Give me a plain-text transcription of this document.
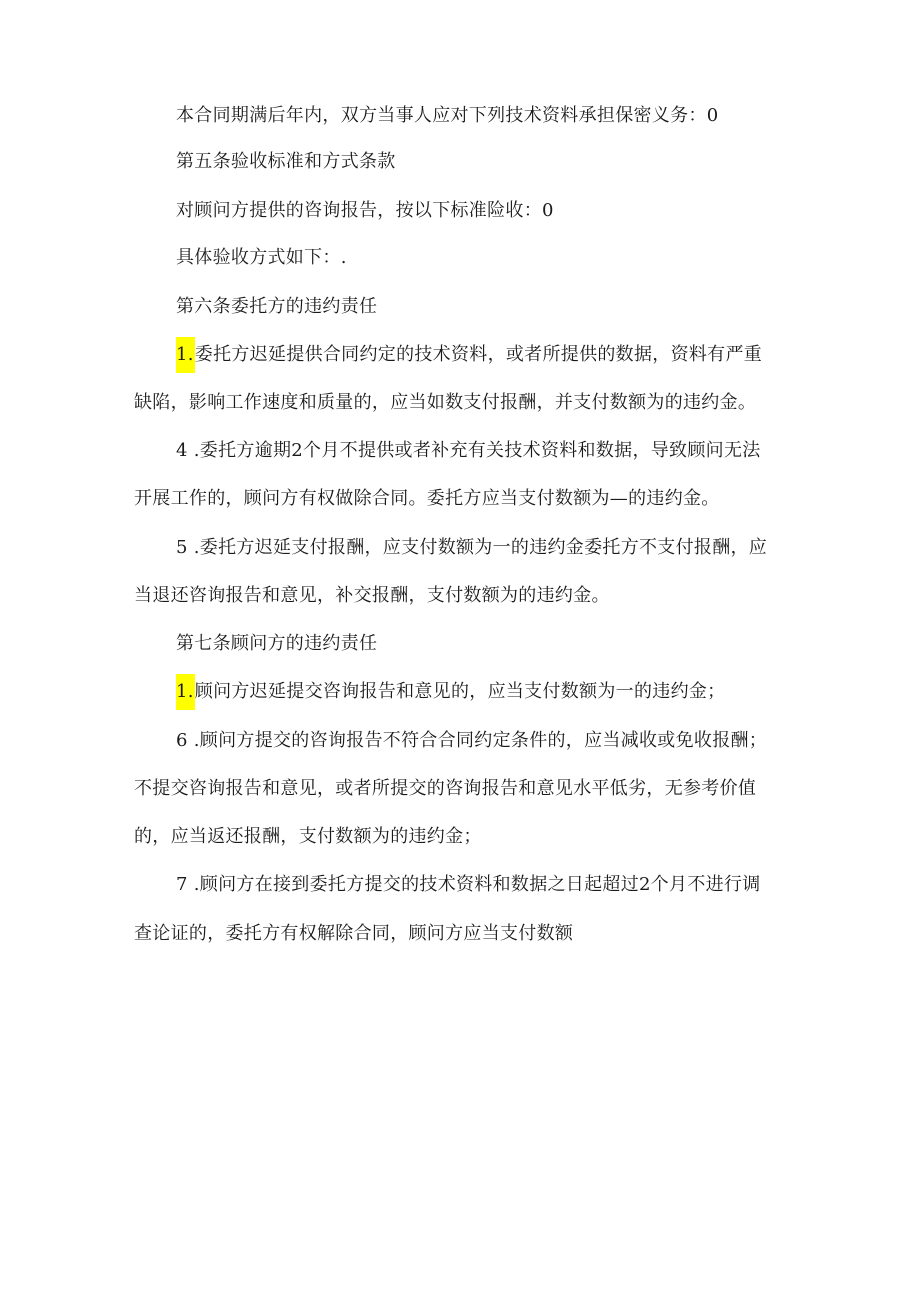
本合同期满后年内，双方当事人应对下列技术资料承担保密义务：0
第五条验收标准和方式条款
对顾问方提供的咨询报告，按以下标准险收：0
具体验收方式如下：.
第六条委托方的违约责任
1.委托方迟延提供合同约定的技术资料，或者所提供的数据，资料有严重
缺陷，影响工作速度和质量的，应当如数支付报酬，并支付数额为的违约金。
4 .委托方逾期2个月不提供或者补充有关技术资料和数据，导致顾问无法
开展工作的，顾问方有权做除合同。委托方应当支付数额为—的违约金。
5 .委托方迟延支付报酬，应支付数额为一的违约金委托方不支付报酬，应
当退还咨询报告和意见，补交报酬，支付数额为的违约金。
第七条顾问方的违约责任
1.顾问方迟延提交咨询报告和意见的，应当支付数额为一的违约金；
6 .顾问方提交的咨询报告不符合合同约定条件的，应当减收或免收报酬；
不提交咨询报告和意见，或者所提交的咨询报告和意见水平低劣，无参考价值
的，应当返还报酬，支付数额为的违约金；
7 .顾问方在接到委托方提交的技术资料和数据之日起超过2个月不进行调
查论证的，委托方有权解除合同，顾问方应当支付数额
